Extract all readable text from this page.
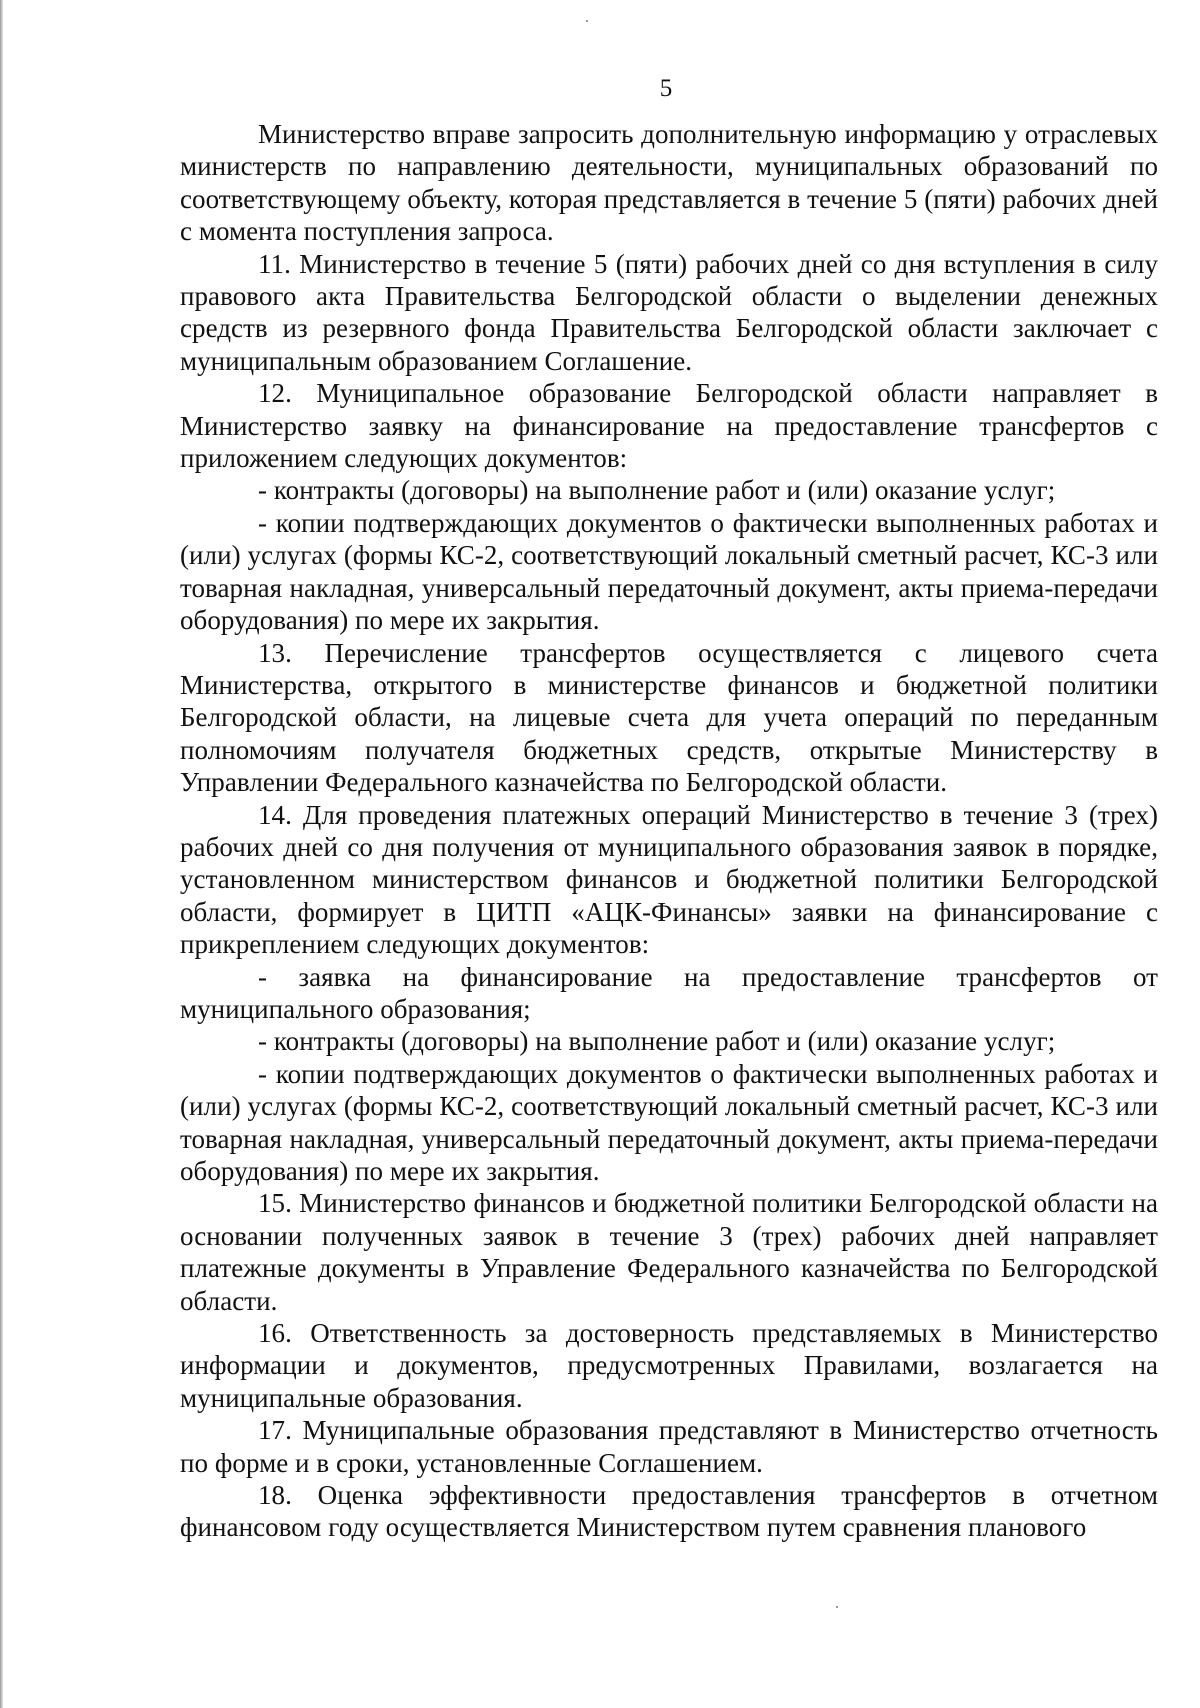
5

Министерство вправе запросить дополнительную информацию у отраслевых министерств по направлению деятельности, муниципальных образований по соответствующему объекту, которая представляется в течение 5 (пяти) рабочих дней с момента поступления запроса.

11. Министерство в течение 5 (пяти) рабочих дней со дня вступления в силу правового акта Правительства Белгородской области о выделении денежных средств из резервного фонда Правительства Белгородской области заключает с муниципальным образованием Соглашение.

12. Муниципальное образование Белгородской области направляет в Министерство заявку на финансирование на предоставление трансфертов с приложением следующих документов:

- контракты (договоры) на выполнение работ и (или) оказание услуг;

- копии подтверждающих документов о фактически выполненных работах и (или) услугах (формы КС-2, соответствующий локальный сметный расчет, КС-3 или товарная накладная, универсальный передаточный документ, акты приема-передачи оборудования) по мере их закрытия.

13. Перечисление трансфертов осуществляется с лицевого счета Министерства, открытого в министерстве финансов и бюджетной политики Белгородской области, на лицевые счета для учета операций по переданным полномочиям получателя бюджетных средств, открытые Министерству в Управлении Федерального казначейства по Белгородской области.

14. Для проведения платежных операций Министерство в течение 3 (трех) рабочих дней со дня получения от муниципального образования заявок в порядке, установленном министерством финансов и бюджетной политики Белгородской области, формирует в ЦИТП «АЦК-Финансы» заявки на финансирование с прикреплением следующих документов:

- заявка на финансирование на предоставление трансфертов от муниципального образования;

- контракты (договоры) на выполнение работ и (или) оказание услуг;

- копии подтверждающих документов о фактически выполненных работах и (или) услугах (формы КС-2, соответствующий локальный сметный расчет, КС-3 или товарная накладная, универсальный передаточный документ, акты приема-передачи оборудования) по мере их закрытия.

15. Министерство финансов и бюджетной политики Белгородской области на основании полученных заявок в течение 3 (трех) рабочих дней направляет платежные документы в Управление Федерального казначейства по Белгородской области.

16. Ответственность за достоверность представляемых в Министерство информации и документов, предусмотренных Правилами, возлагается на муниципальные образования.

17. Муниципальные образования представляют в Министерство отчетность по форме и в сроки, установленные Соглашением.

18. Оценка эффективности предоставления трансфертов в отчетном финансовом году осуществляется Министерством путем сравнения планового
